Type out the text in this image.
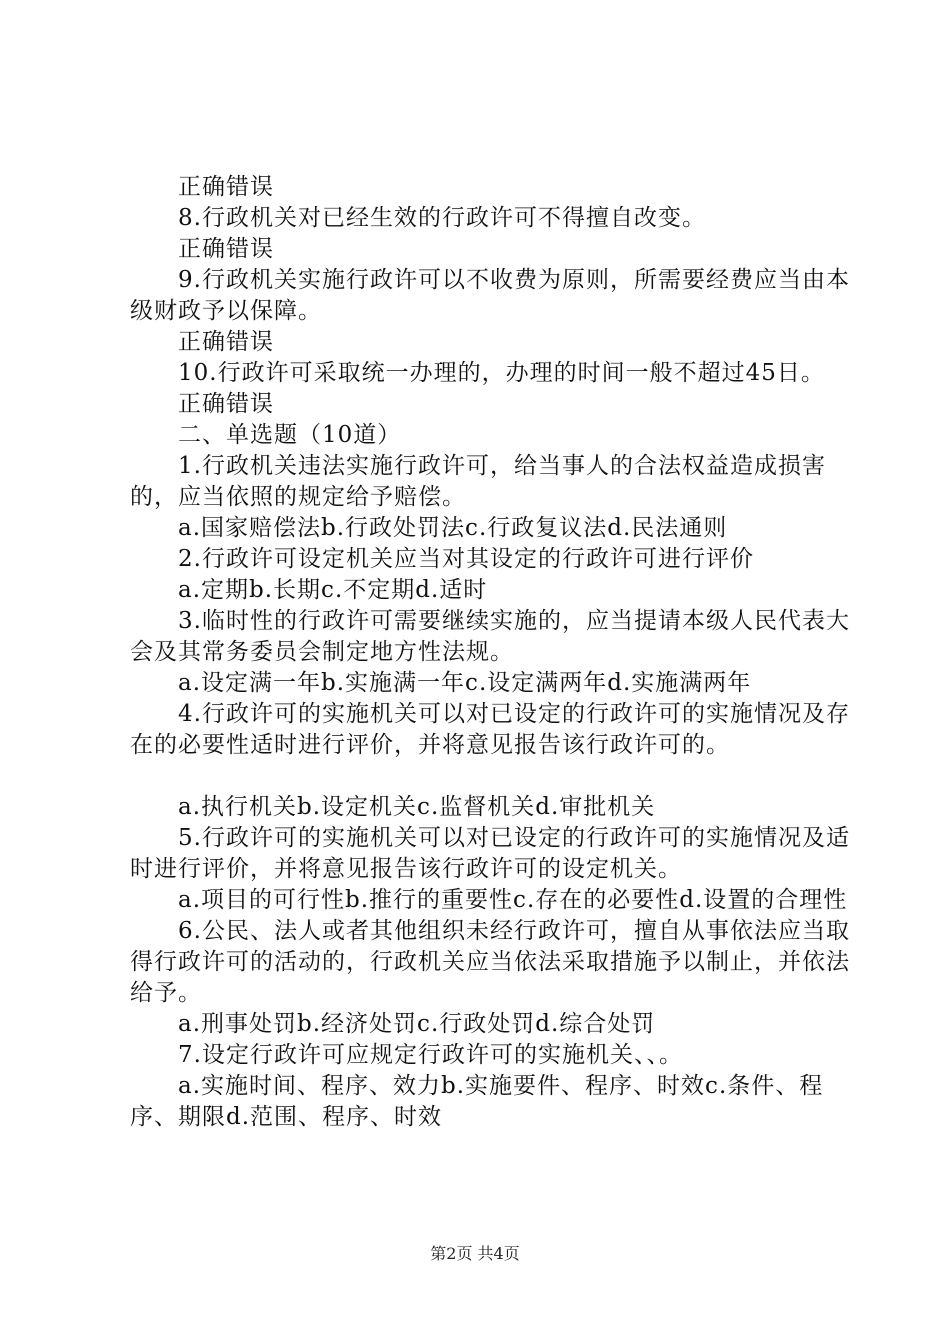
正确错误

8.行政机关对已经生效的行政许可不得擅自改变。

正确错误

9.行政机关实施行政许可以不收费为原则，所需要经费应当由本级财政予以保障。

正确错误

10.行政许可采取统一办理的，办理的时间一般不超过45日。

正确错误

二、单选题（10道）

1.行政机关违法实施行政许可，给当事人的合法权益造成损害的，应当依照的规定给予赔偿。

a.国家赔偿法b.行政处罚法c.行政复议法d.民法通则

2.行政许可设定机关应当对其设定的行政许可进行评价

a.定期b.长期c.不定期d.适时

3.临时性的行政许可需要继续实施的，应当提请本级人民代表大会及其常务委员会制定地方性法规。

a.设定满一年b.实施满一年c.设定满两年d.实施满两年

4.行政许可的实施机关可以对已设定的行政许可的实施情况及存在的必要性适时进行评价，并将意见报告该行政许可的。

a.执行机关b.设定机关c.监督机关d.审批机关

5.行政许可的实施机关可以对已设定的行政许可的实施情况及适时进行评价，并将意见报告该行政许可的设定机关。

a.项目的可行性b.推行的重要性c.存在的必要性d.设置的合理性

6.公民、法人或者其他组织未经行政许可，擅自从事依法应当取得行政许可的活动的，行政机关应当依法采取措施予以制止，并依法给予。

a.刑事处罚b.经济处罚c.行政处罚d.综合处罚

7.设定行政许可应规定行政许可的实施机关、、。

a.实施时间、程序、效力b.实施要件、程序、时效c.条件、程序、期限d.范围、程序、时效

第2页 共4页
